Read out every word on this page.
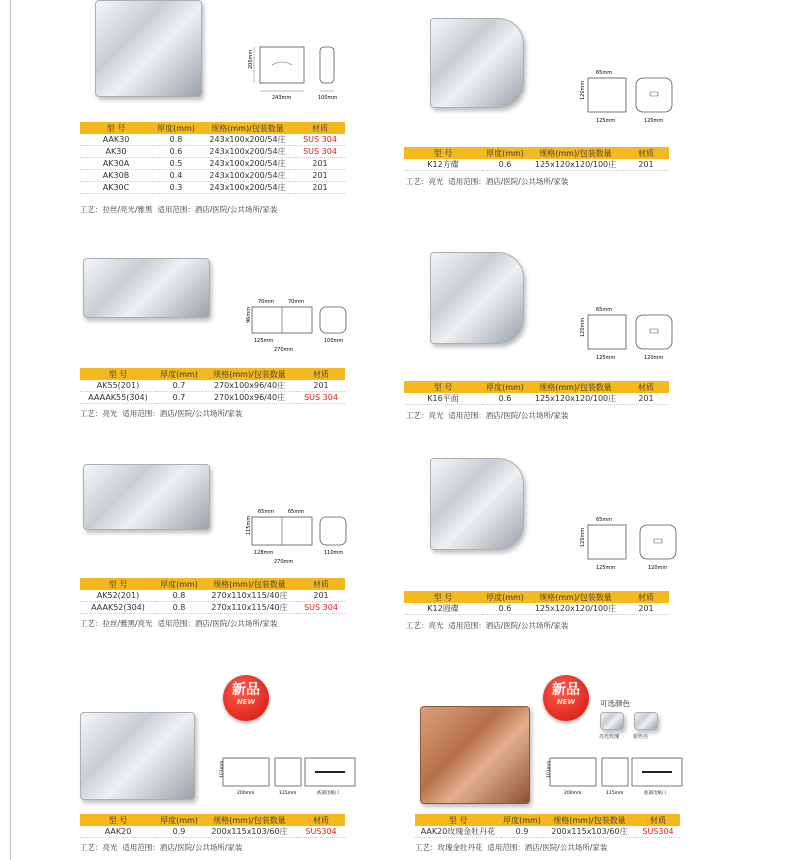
200mm
243mm	100mm
型 号	厚度(mm)	规格(mm)/包装数量	材质
AAK30	0.8	243x100x200/54庄	SUS 304
AK30	0.6	243x100x200/54庄	SUS 304
AK30A	0.5	243x100x200/54庄	201
AK30B	0.4	243x100x200/54庄	201
AK30C	0.3	243x100x200/54庄	201
工艺：拉丝/亮光/雅黑 适用范围：酒店/医院/公共场所/家装
65mm
125mm
120mm
120mm
型 号	厚度(mm)	规格(mm)/包装数量	材质
K12方碟	0.6	125x120x120/100庄	201
工艺：亮光 适用范围：酒店/医院/公共场所/家装
70mm	70mm
96mm
125mm
270mm
100mm
型 号	厚度(mm)	规格(mm)/包装数量	材质
AK55(201)	0.7	270x100x96/40庄	201
AAAAK55(304)	0.7	270x100x96/40庄	SUS 304
工艺：亮光 适用范围：酒店/医院/公共场所/家装
65mm
125mm
120mm
120mm
型 号	厚度(mm)	规格(mm)/包装数量	材质
K16平面	0.6	125x120x120/100庄	201
工艺：亮光 适用范围：酒店/医院/公共场所/家装
65mm	65mm
115mm
128mm
270mm
110mm
型 号	厚度(mm)	规格(mm)/包装数量	材质
AK52(201)	0.8	270x110x115/40庄	201
AAAK52(304)	0.8	270x110x115/40庄	SUS 304
工艺：拉丝/雅黑/亮光 适用范围：酒店/医院/公共场所/家装
65mm
125mm
120mm
120mm
型 号	厚度(mm)	规格(mm)/包装数量	材质
K12圆碟	0.6	125x120x120/100庄	201
工艺：亮光 适用范围：酒店/医院/公共场所/家装
新品
NEW
103mm
200mm	115mm	底部出纸口
型 号	厚度(mm)	规格(mm)/包装数量	材质
AAK20	0.9	200x115x103/60庄	SUS304
工艺：亮光 适用范围：酒店/医院/公共场所/家装
新品
NEW	可选颜色
亮光玫瑰	银色亮
103mm
200mm	115mm	底部出纸口
型 号	厚度(mm)	规格(mm)/包装数量	材质
AAK20玫瑰金牡丹花	0.9	200x115x103/60庄	SUS304
工艺：玫瑰金牡丹花 适用范围：酒店/医院/公共场所/家装
